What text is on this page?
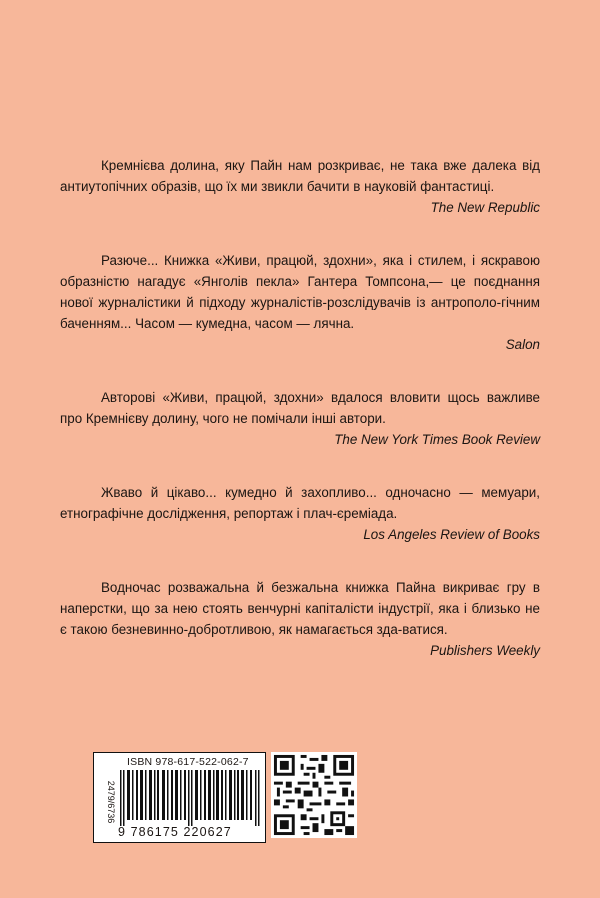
Кремнієва долина, яку Пайн нам розкриває, не така вже далека від антиутопічних образів, що їх ми звикли бачити в науковій фантастиці.

The New Republic

Разюче... Книжка «Живи, працюй, здохни», яка і стилем, і яскравою образністю нагадує «Янголів пекла» Гантера Томпсона,— це поєднання нової журналістики й підходу журналістів-розслідувачів із антрополо-гічним баченням... Часом — кумедна, часом — лячна.

Salon

Авторові «Живи, працюй, здохни» вдалося вловити щось важливе про Кремнієву долину, чого не помічали інші автори.

The New York Times Book Review

Жваво й цікаво... кумедно й захопливо... одночасно — мемуари, етнографічне дослідження, репортаж і плач-єреміада.

Los Angeles Review of Books

Водночас розважальна й безжальна книжка Пайна викриває гру в наперстки, що за нею стоять венчурні капіталісти індустрії, яка і близько не є такою безневинно-добротливою, як намагається зда-ватися.

Publishers Weekly
ISBN 978-617-522-062-7
2479/6736
9 786175 220627
